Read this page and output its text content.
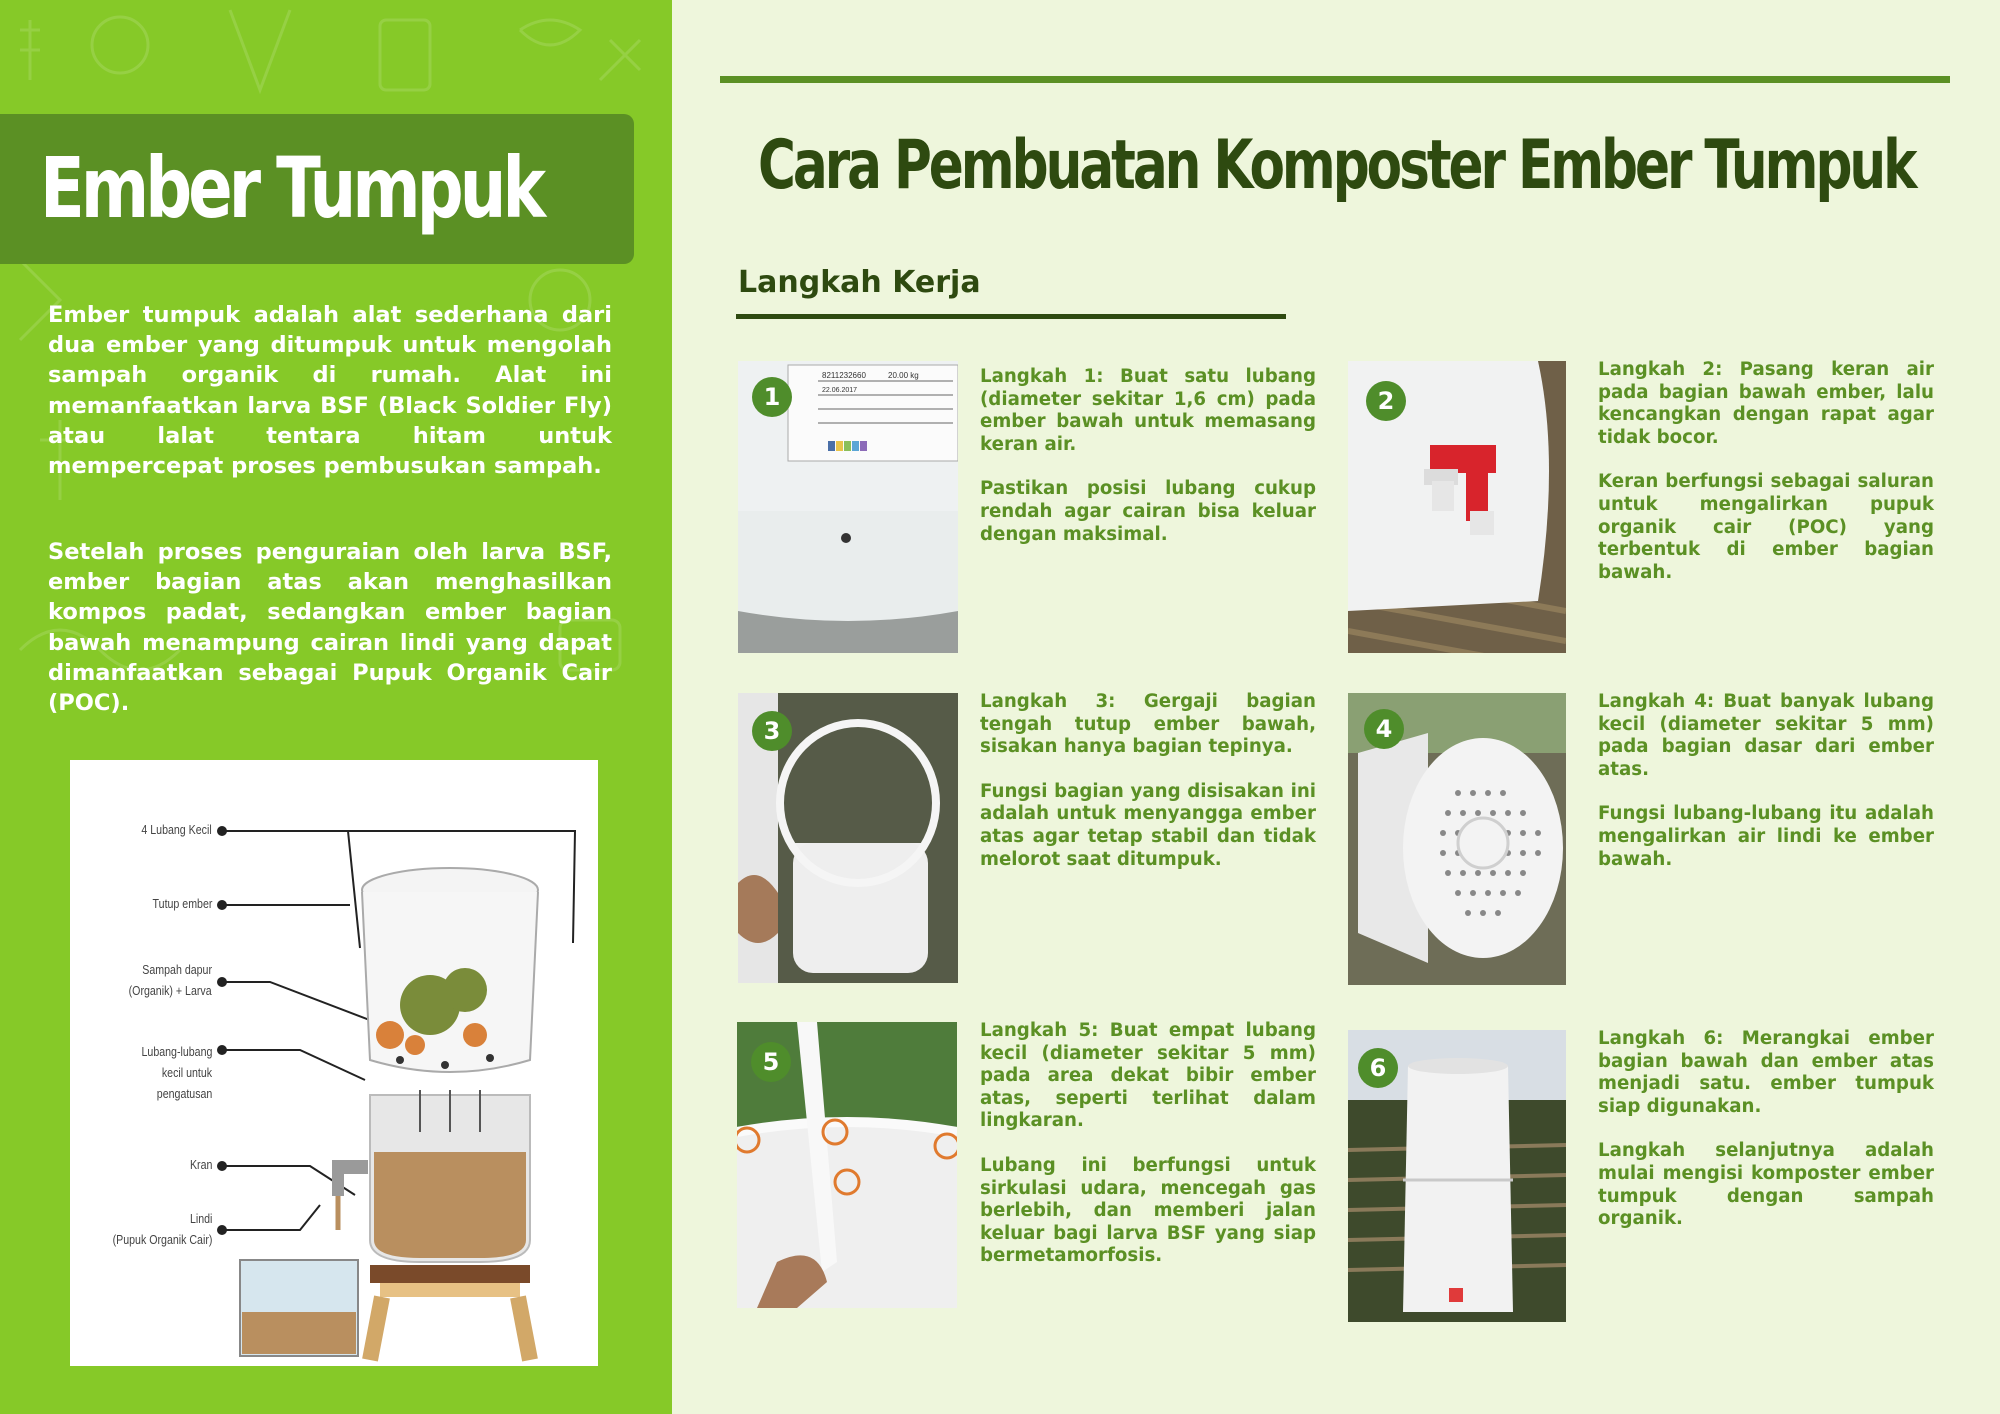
Ember Tumpuk

Ember tumpuk adalah alat sederhana dari dua ember yang ditumpuk untuk mengolah sampah organik di rumah. Alat ini memanfaatkan larva BSF (Black Soldier Fly) atau lalat tentara hitam untuk mempercepat proses pembusukan sampah.

Setelah proses penguraian oleh larva BSF, ember bagian atas akan menghasilkan kompos padat, sedangkan ember bagian bawah menampung cairan lindi yang dapat dimanfaatkan sebagai Pupuk Organik Cair (POC).

4 Lubang Kecil
Tutup ember
Sampah dapur
(Organik) + Larva
Lubang-lubang
kecil untuk
pengatusan
Kran
Lindi
(Pupuk Organik Cair)
Cara Pembuatan Komposter Ember Tumpuk
Langkah Kerja
8211232660	20.00 kg
22.06.2017
1

Langkah 1: Buat satu lubang (diameter sekitar 1,6 cm) pada ember bawah untuk memasang keran air.

Pastikan posisi lubang cukup rendah agar cairan bisa keluar dengan maksimal.

2

Langkah 2: Pasang keran air pada bagian bawah ember, lalu kencangkan dengan rapat agar tidak bocor.

Keran berfungsi sebagai saluran untuk mengalirkan pupuk organik cair (POC) yang terbentuk di ember bagian bawah.

3

Langkah 3: Gergaji bagian tengah tutup ember bawah, sisakan hanya bagian tepinya.

Fungsi bagian yang disisakan ini adalah untuk menyangga ember atas agar tetap stabil dan tidak melorot saat ditumpuk.

4

Langkah 4: Buat banyak lubang kecil (diameter sekitar 5 mm) pada bagian dasar dari ember atas.

Fungsi lubang-lubang itu adalah mengalirkan air lindi ke ember bawah.

5

Langkah 5: Buat empat lubang kecil (diameter sekitar 5 mm) pada area dekat bibir ember atas, seperti terlihat dalam lingkaran.

Lubang ini berfungsi untuk sirkulasi udara, mencegah gas berlebih, dan memberi jalan keluar bagi larva BSF yang siap bermetamorfosis.

6

Langkah 6: Merangkai ember bagian bawah dan ember atas menjadi satu. ember tumpuk siap digunakan.

Langkah selanjutnya adalah mulai mengisi komposter ember tumpuk dengan sampah organik.
